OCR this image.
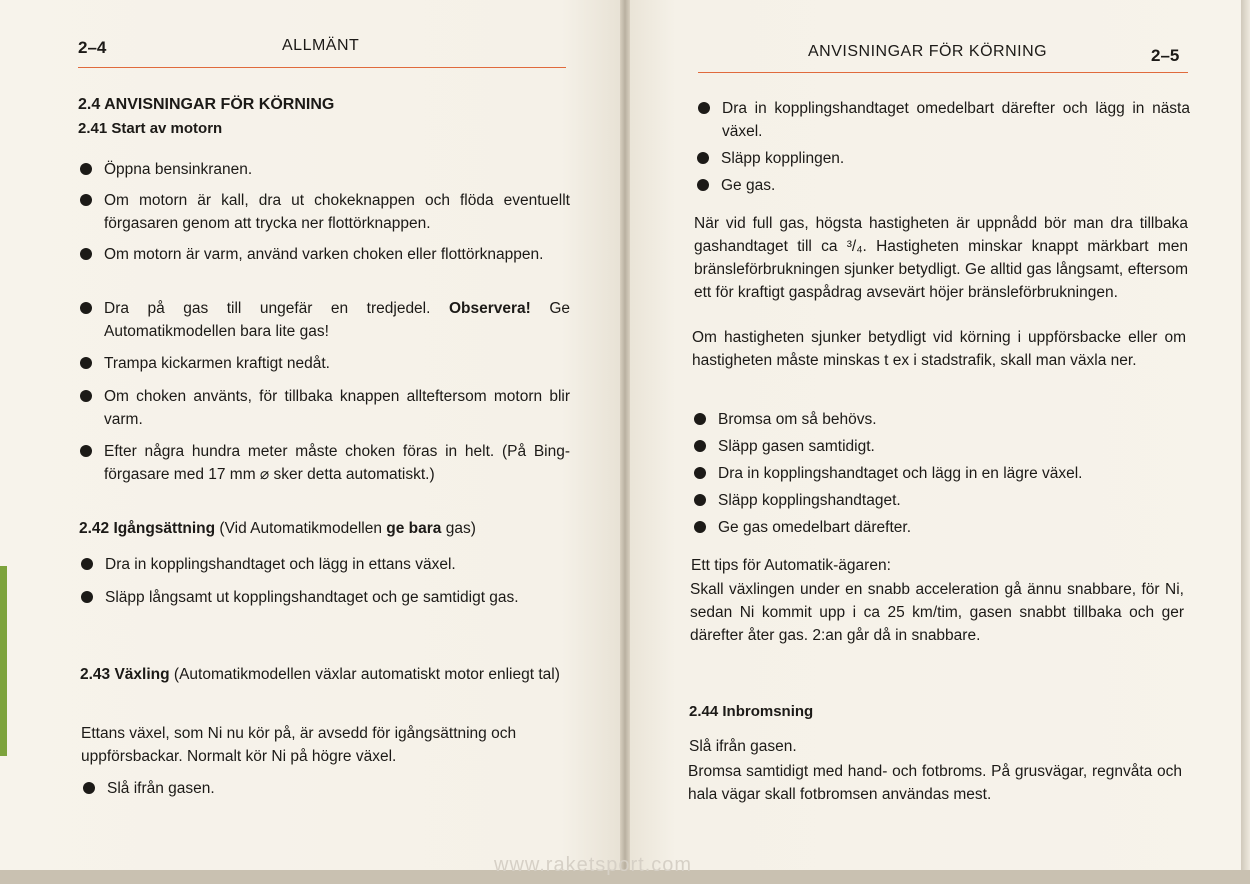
2–4	ALLMÄNT
2.4 ANVISNINGAR FÖR KÖRNING
2.41 Start av motorn
Öppna bensinkranen.
Om motorn är kall, dra ut chokeknappen och flöda eventuellt förgasaren genom att trycka ner flottörknappen.
Om motorn är varm, använd varken choken eller flottörknappen.
Dra på gas till ungefär en tredjedel. Observera! Ge Automatikmodellen bara lite gas!
Trampa kickarmen kraftigt nedåt.
Om choken använts, för tillbaka knappen allteftersom motorn blir varm.
Efter några hundra meter måste choken föras in helt. (På Bing-förgasare med 17 mm ⌀ sker detta automatiskt.)
2.42 Igångsättning (Vid Automatikmodellen ge bara gas)
Dra in kopplingshandtaget och lägg in ettans växel.
Släpp långsamt ut kopplingshandtaget och ge samtidigt gas.
2.43 Växling (Automatikmodellen växlar automatiskt motor enliegt tal)
Ettans växel, som Ni nu kör på, är avsedd för igångsättning och uppförsbackar. Normalt kör Ni på högre växel.
Slå ifrån gasen.
ANVISNINGAR FÖR KÖRNING	2–5
Dra in kopplingshandtaget omedelbart därefter och lägg in nästa växel.
Släpp kopplingen.
Ge gas.
När vid full gas, högsta hastigheten är uppnådd bör man dra tillbaka gashandtaget till ca ³/₄. Hastigheten minskar knappt märkbart men bränsleförbrukningen sjunker betydligt. Ge alltid gas långsamt, eftersom ett för kraftigt gaspådrag avsevärt höjer bränsleförbrukningen.
Om hastigheten sjunker betydligt vid körning i uppförsbacke eller om hastigheten måste minskas t ex i stadstrafik, skall man växla ner.
Bromsa om så behövs.
Släpp gasen samtidigt.
Dra in kopplingshandtaget och lägg in en lägre växel.
Släpp kopplingshandtaget.
Ge gas omedelbart därefter.
Ett tips för Automatik-ägaren:
Skall växlingen under en snabb acceleration gå ännu snabbare, för Ni, sedan Ni kommit upp i ca 25 km/tim, gasen snabbt tillbaka och ger därefter åter gas. 2:an går då in snabbare.
2.44 Inbromsning
Slå ifrån gasen.
Bromsa samtidigt med hand- och fotbroms. På grusvägar, regnvåta och hala vägar skall fotbromsen användas mest.
www.raketsport.com
